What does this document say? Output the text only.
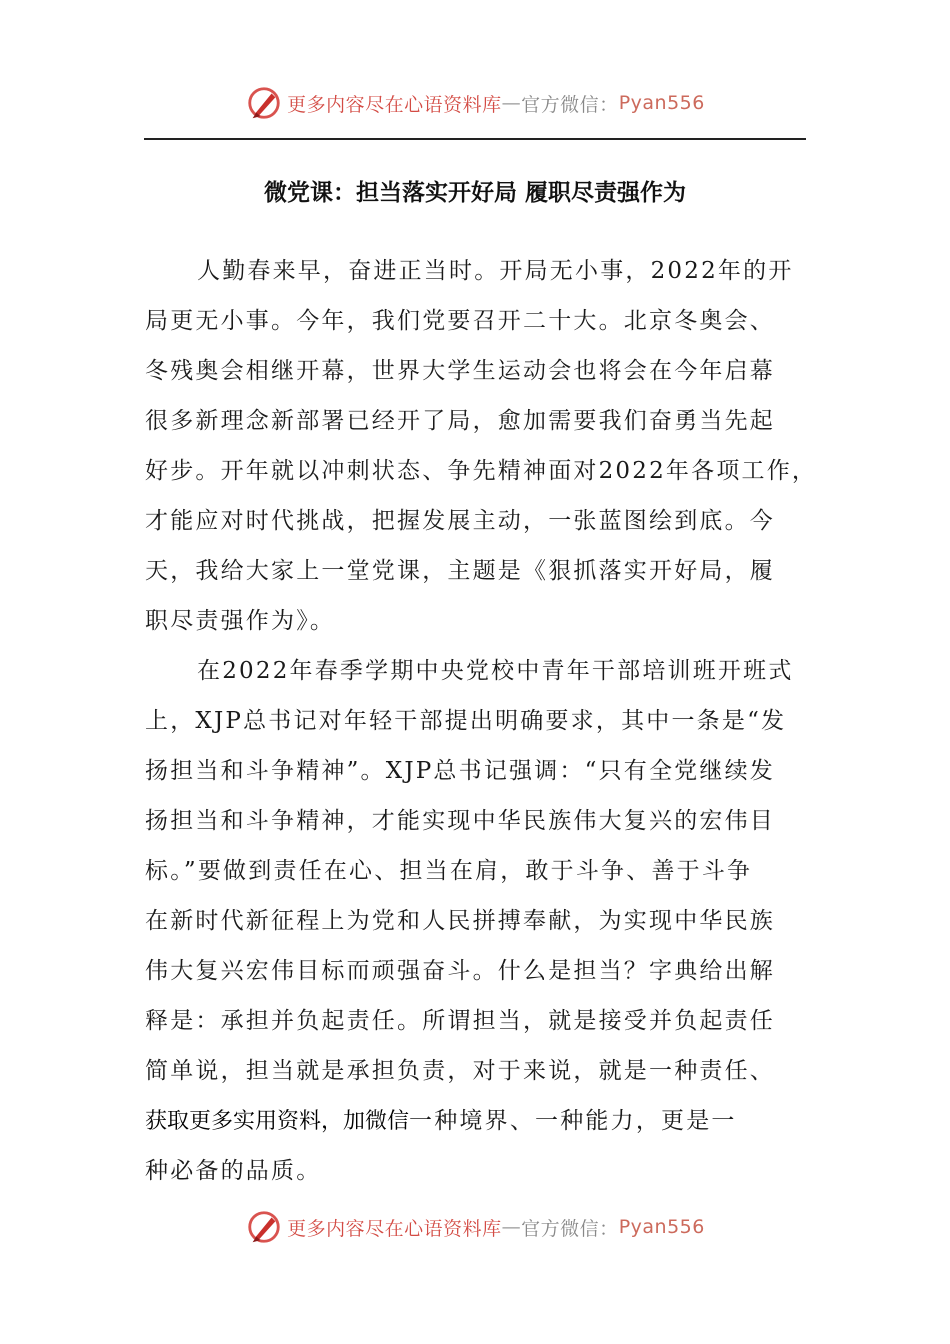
更多内容尽在心语资料库 — 官方微信： Pyan556
微党课：担当落实开好局 履职尽责强作为
人勤春来早，奋进正当时。开局无小事，2022年的开
局更无小事。今年，我们党要召开二十大。北京冬奥会、
冬残奥会相继开幕，世界大学生运动会也将会在今年启幕
很多新理念新部署已经开了局，愈加需要我们奋勇当先起
好步。开年就以冲刺状态、争先精神面对2022年各项工作，
才能应对时代挑战，把握发展主动，一张蓝图绘到底。今
天，我给大家上一堂党课，主题是《狠抓落实开好局，履
职尽责强作为》。
在2022年春季学期中央党校中青年干部培训班开班式
上，XJP总书记对年轻干部提出明确要求，其中一条是“发
扬担当和斗争精神”。XJP总书记强调：“只有全党继续发
扬担当和斗争精神，才能实现中华民族伟大复兴的宏伟目
标。”要做到责任在心、担当在肩，敢于斗争、善于斗争
在新时代新征程上为党和人民拼搏奉献，为实现中华民族
伟大复兴宏伟目标而顽强奋斗。什么是担当？字典给出解
释是：承担并负起责任。所谓担当，就是接受并负起责任
简单说，担当就是承担负责，对于来说，就是一种责任、
获取更多实用资料，加微信一种境界、一种能力，更是一
种必备的品质。
更多内容尽在心语资料库 — 官方微信： Pyan556
